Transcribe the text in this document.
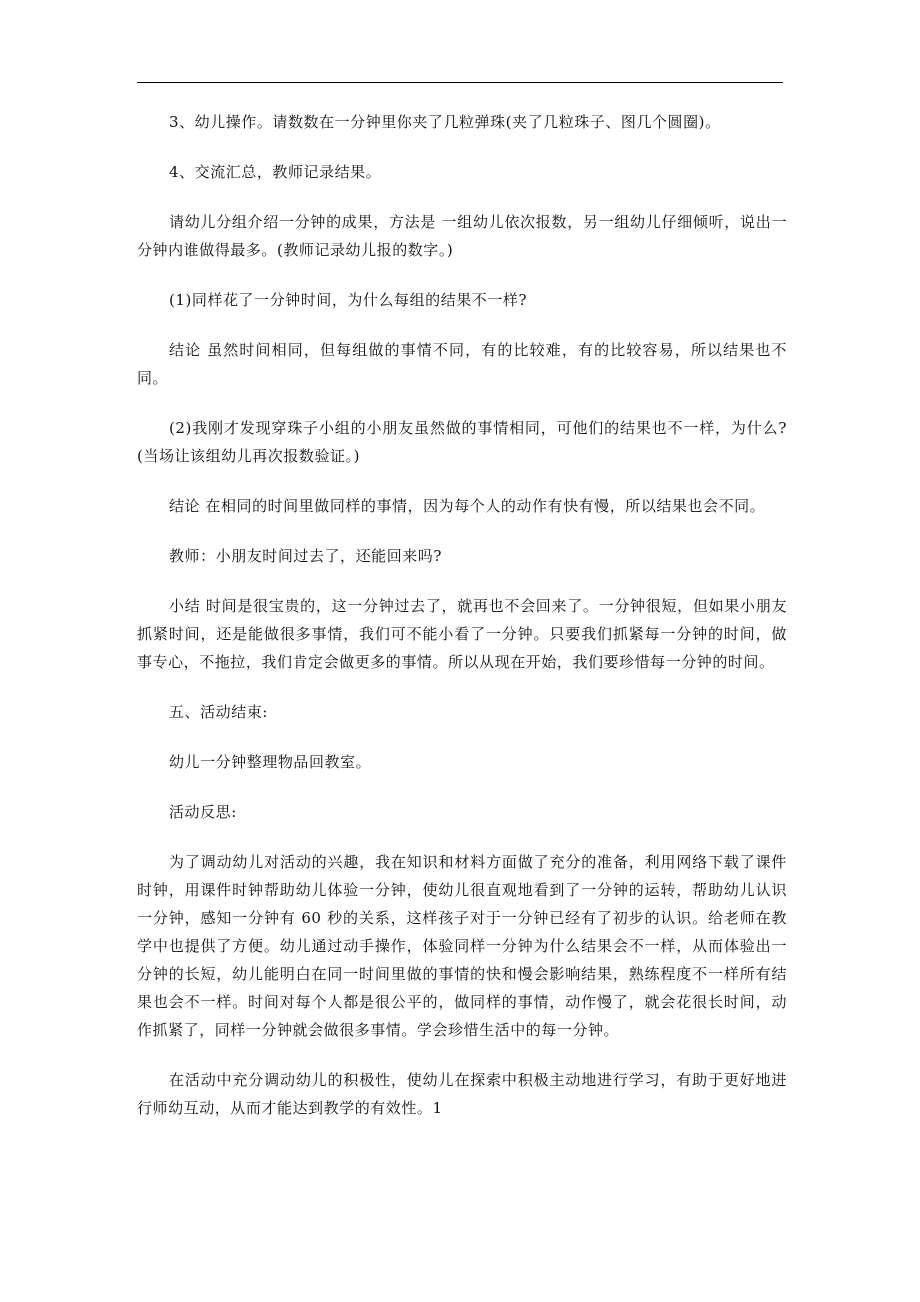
3、幼儿操作。请数数在一分钟里你夹了几粒弹珠(夹了几粒珠子、图几个圆圈)。

4、交流汇总，教师记录结果。

请幼儿分组介绍一分钟的成果，方法是 一组幼儿依次报数，另一组幼儿仔细倾听，说出一分钟内谁做得最多。(教师记录幼儿报的数字。)

(1)同样花了一分钟时间，为什么每组的结果不一样?

结论 虽然时间相同，但每组做的事情不同，有的比较难，有的比较容易，所以结果也不同。

(2)我刚才发现穿珠子小组的小朋友虽然做的事情相同，可他们的结果也不一样，为什么?(当场让该组幼儿再次报数验证。)

结论 在相同的时间里做同样的事情，因为每个人的动作有快有慢，所以结果也会不同。

教师：小朋友时间过去了，还能回来吗?

小结 时间是很宝贵的，这一分钟过去了，就再也不会回来了。一分钟很短，但如果小朋友抓紧时间，还是能做很多事情，我们可不能小看了一分钟。只要我们抓紧每一分钟的时间，做事专心，不拖拉，我们肯定会做更多的事情。所以从现在开始，我们要珍惜每一分钟的时间。

五、活动结束:

幼儿一分钟整理物品回教室。

活动反思:

为了调动幼儿对活动的兴趣，我在知识和材料方面做了充分的准备，利用网络下载了课件时钟，用课件时钟帮助幼儿体验一分钟，使幼儿很直观地看到了一分钟的运转，帮助幼儿认识一分钟，感知一分钟有 60 秒的关系，这样孩子对于一分钟已经有了初步的认识。给老师在教学中也提供了方便。幼儿通过动手操作，体验同样一分钟为什么结果会不一样，从而体验出一分钟的长短，幼儿能明白在同一时间里做的事情的快和慢会影响结果，熟练程度不一样所有结果也会不一样。时间对每个人都是很公平的，做同样的事情，动作慢了，就会花很长时间，动作抓紧了，同样一分钟就会做很多事情。学会珍惜生活中的每一分钟。

在活动中充分调动幼儿的积极性，使幼儿在探索中积极主动地进行学习，有助于更好地进行师幼互动，从而才能达到教学的有效性。1
